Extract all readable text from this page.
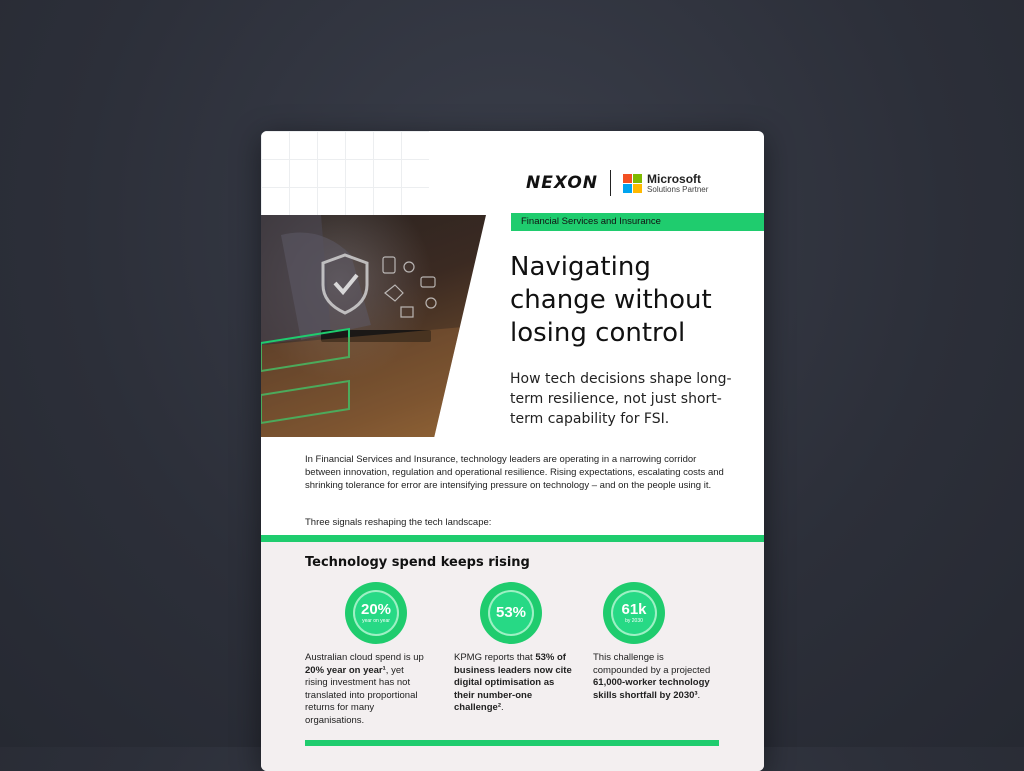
NEXON	Microsoft
Solutions Partner
Financial Services and Insurance
Navigating change without losing control

How tech decisions shape long-term resilience, not just short-term capability for FSI.

In Financial Services and Insurance, technology leaders are operating in a narrowing corridor between innovation, regulation and operational resilience. Rising expectations, escalating costs and shrinking tolerance for error are intensifying pressure on technology – and on the people using it.

Three signals reshaping the tech landscape:

Technology spend keeps rising
20%
year on year
Australian cloud spend is up 20% year on year¹, yet rising investment has not translated into proportional returns for many organisations.
53%
KPMG reports that 53% of business leaders now cite digital optimisation as their number-one challenge².
61k
by 2030
This challenge is compounded by a projected 61,000-worker technology skills shortfall by 2030³.
